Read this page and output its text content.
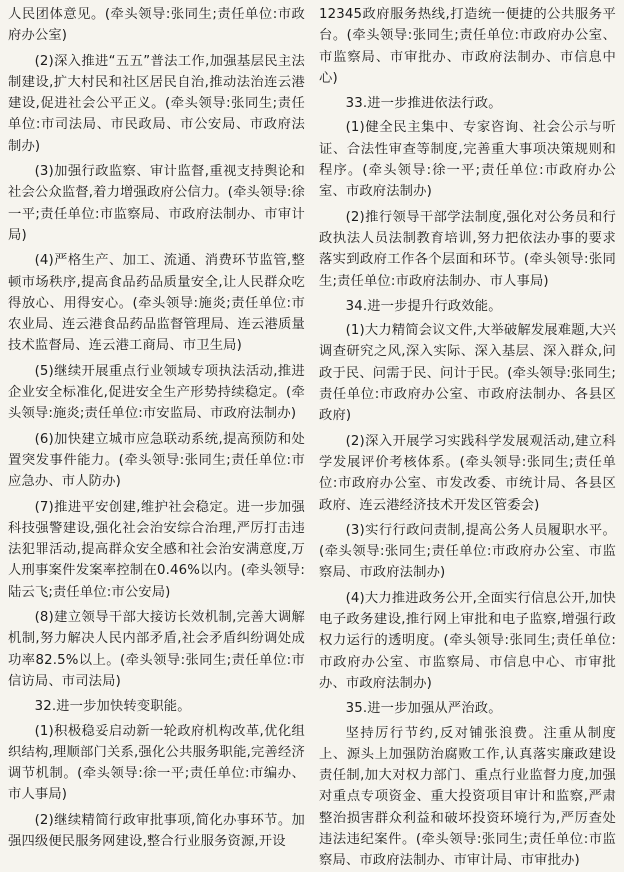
人民团体意见。(牵头领导:张同生;责任单位:市政府办公室)

(2)深入推进“五五”普法工作,加强基层民主法制建设,扩大村民和社区居民自治,推动法治连云港建设,促进社会公平正义。(牵头领导:张同生;责任单位:市司法局、市民政局、市公安局、市政府法制办)

(3)加强行政监察、审计监督,重视支持舆论和社会公众监督,着力增强政府公信力。(牵头领导:徐一平;责任单位:市监察局、市政府法制办、市审计局)

(4)严格生产、加工、流通、消费环节监管,整顿市场秩序,提高食品药品质量安全,让人民群众吃得放心、用得安心。(牵头领导:施炎;责任单位:市农业局、连云港食品药品监督管理局、连云港质量技术监督局、连云港工商局、市卫生局)

(5)继续开展重点行业领域专项执法活动,推进企业安全标准化,促进安全生产形势持续稳定。(牵头领导:施炎;责任单位:市安监局、市政府法制办)

(6)加快建立城市应急联动系统,提高预防和处置突发事件能力。(牵头领导:张同生;责任单位:市应急办、市人防办)

(7)推进平安创建,维护社会稳定。进一步加强科技强警建设,强化社会治安综合治理,严厉打击违法犯罪活动,提高群众安全感和社会治安满意度,万人刑事案件发案率控制在0.46%以内。(牵头领导:陆云飞;责任单位:市公安局)

(8)建立领导干部大接访长效机制,完善大调解机制,努力解决人民内部矛盾,社会矛盾纠纷调处成功率82.5%以上。(牵头领导:张同生;责任单位:市信访局、市司法局)

32.进一步加快转变职能。

(1)积极稳妥启动新一轮政府机构改革,优化组织结构,理顺部门关系,强化公共服务职能,完善经济调节机制。(牵头领导:徐一平;责任单位:市编办、市人事局)

(2)继续精简行政审批事项,简化办事环节。加强四级便民服务网建设,整合行业服务资源,开设

12345政府服务热线,打造统一便捷的公共服务平台。(牵头领导:张同生;责任单位:市政府办公室、市监察局、市审批办、市政府法制办、市信息中心)

33.进一步推进依法行政。

(1)健全民主集中、专家咨询、社会公示与听证、合法性审查等制度,完善重大事项决策规则和程序。(牵头领导:徐一平;责任单位:市政府办公室、市政府法制办)

(2)推行领导干部学法制度,强化对公务员和行政执法人员法制教育培训,努力把依法办事的要求落实到政府工作各个层面和环节。(牵头领导:张同生;责任单位:市政府法制办、市人事局)

34.进一步提升行政效能。

(1)大力精简会议文件,大举破解发展难题,大兴调查研究之风,深入实际、深入基层、深入群众,问政于民、问需于民、问计于民。(牵头领导:张同生;责任单位:市政府办公室、市政府法制办、各县区政府)

(2)深入开展学习实践科学发展观活动,建立科学发展评价考核体系。(牵头领导:张同生;责任单位:市政府办公室、市发改委、市统计局、各县区政府、连云港经济技术开发区管委会)

(3)实行行政问责制,提高公务人员履职水平。(牵头领导:张同生;责任单位:市政府办公室、市监察局、市政府法制办)

(4)大力推进政务公开,全面实行信息公开,加快电子政务建设,推行网上审批和电子监察,增强行政权力运行的透明度。(牵头领导:张同生;责任单位:市政府办公室、市监察局、市信息中心、市审批办、市政府法制办)

35.进一步加强从严治政。

坚持厉行节约,反对铺张浪费。注重从制度上、源头上加强防治腐败工作,认真落实廉政建设责任制,加大对权力部门、重点行业监督力度,加强对重点专项资金、重大投资项目审计和监察,严肃整治损害群众利益和破坏投资环境行为,严厉查处违法违纪案件。(牵头领导:张同生;责任单位:市监察局、市政府法制办、市审计局、市审批办)
